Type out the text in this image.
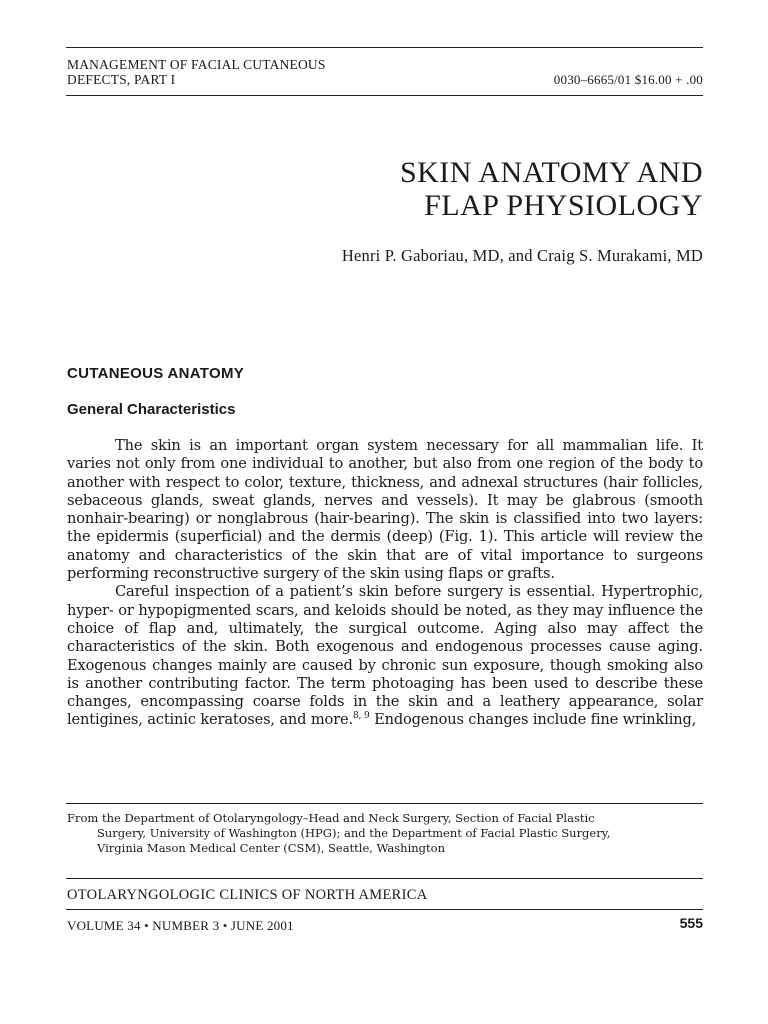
MANAGEMENT OF FACIAL CUTANEOUS
DEFECTS, PART I	0030–6665/01 $16.00 + .00
SKIN ANATOMY AND
FLAP PHYSIOLOGY
Henri P. Gaboriau, MD, and Craig S. Murakami, MD
CUTANEOUS ANATOMY
General Characteristics

The skin is an important organ system necessary for all mammalian life. It varies not only from one individual to another, but also from one region of the body to another with respect to color, texture, thickness, and adnexal structures (hair follicles, sebaceous glands, sweat glands, nerves and vessels). It may be glabrous (smooth nonhair-bearing) or nonglabrous (hair-bearing). The skin is classified into two layers: the epidermis (superficial) and the dermis (deep) (Fig. 1). This article will review the anatomy and characteristics of the skin that are of vital importance to surgeons performing reconstructive surgery of the skin using flaps or grafts.

Careful inspection of a patient’s skin before surgery is essential. Hypertrophic, hyper- or hypopigmented scars, and keloids should be noted, as they may influence the choice of flap and, ultimately, the surgical outcome. Aging also may affect the characteristics of the skin. Both exogenous and endogenous processes cause aging. Exogenous changes mainly are caused by chronic sun exposure, though smoking also is another contributing factor. The term photoaging has been used to describe these changes, encompassing coarse folds in the skin and a leathery appearance, solar lentigines, actinic keratoses, and more.$^{8, 9}$ Endogenous changes include fine wrinkling,

From the Department of Otolaryngology–Head and Neck Surgery, Section of Facial Plastic
Surgery, University of Washington (HPG); and the Department of Facial Plastic Surgery,
Virginia Mason Medical Center (CSM), Seattle, Washington
OTOLARYNGOLOGIC CLINICS OF NORTH AMERICA
VOLUME 34 • NUMBER 3 • JUNE 2001	555
